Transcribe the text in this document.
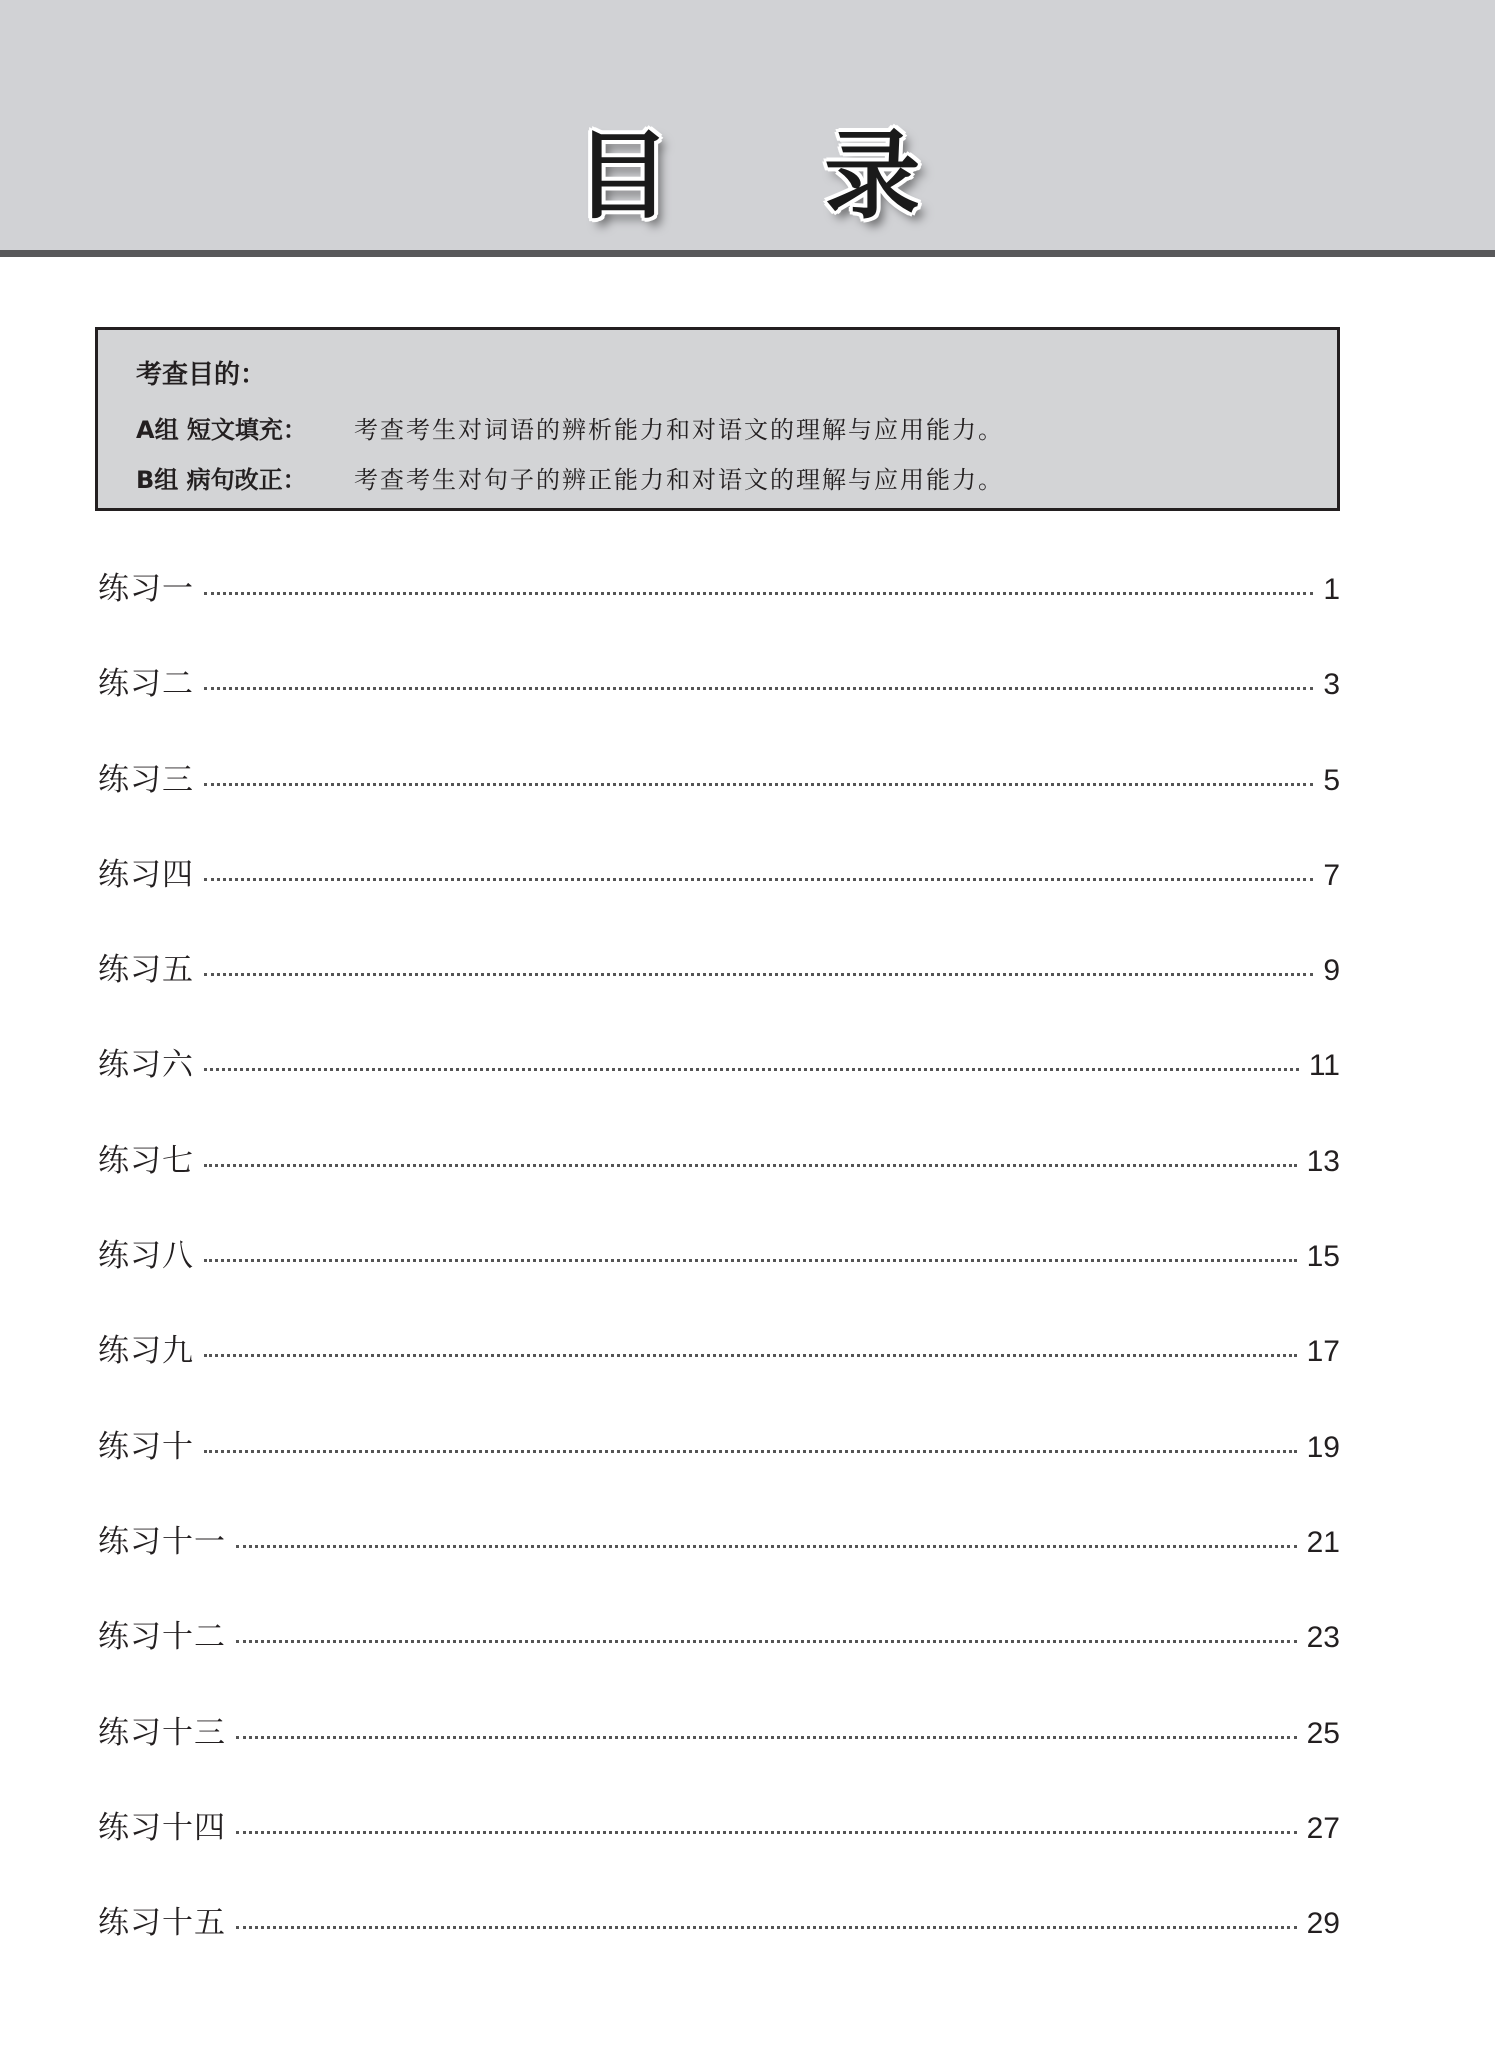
目 录
考查目的：
A组 短文填充： 考查考生对词语的辨析能力和对语文的理解与应用能力。
B组 病句改正： 考查考生对句子的辨正能力和对语文的理解与应用能力。
练习一	1
练习二	3
练习三	5
练习四	7
练习五	9
练习六	11
练习七	13
练习八	15
练习九	17
练习十	19
练习十一	21
练习十二	23
练习十三	25
练习十四	27
练习十五	29
